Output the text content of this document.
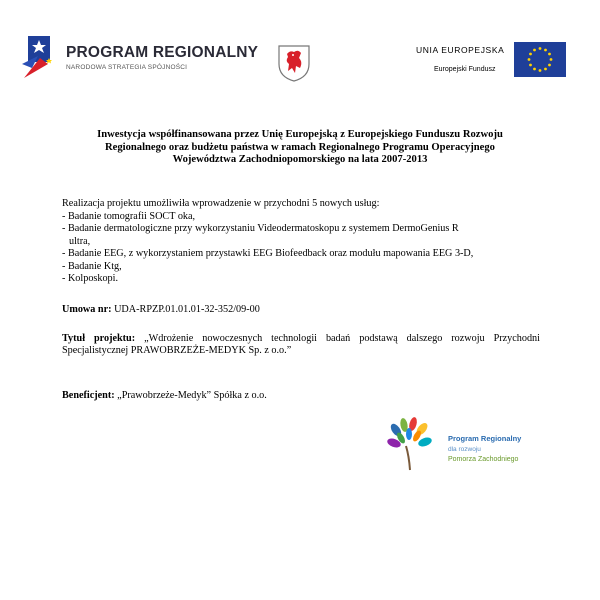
PROGRAM REGIONALNY
NARODOWA STRATEGIA SPÓJNOŚCI
UNIA EUROPEJSKA
Europejski Fundusz
Inwestycja współfinansowana przez Unię Europejską z Europejskiego Funduszu Rozwoju
Regionalnego oraz budżetu państwa w ramach Regionalnego Programu Operacyjnego
Województwa Zachodniopomorskiego na lata 2007-2013
Realizacja projektu umożliwiła wprowadzenie w przychodni 5 nowych usług:
- Badanie tomografii SOCT oka,
- Badanie dermatologiczne przy wykorzystaniu Videodermatoskopu z systemem DermoGenius R
ultra,
- Badanie EEG, z wykorzystaniem przystawki EEG Biofeedback oraz modułu mapowania EEG 3-D,
- Badanie Ktg,
- Kolposkopi.
Umowa nr: UDA-RPZP.01.01.01-32-352/09-00
Tytuł projektu: „Wdrożenie nowoczesnych technologii badań podstawą dalszego rozwoju Przychodni Specjalistycznej PRAWOBRZEŻE-MEDYK Sp. z o.o.”
Beneficjent: „Prawobrzeże-Medyk” Spółka z o.o.
Program Regionalny
dla rozwoju
Pomorza Zachodniego
